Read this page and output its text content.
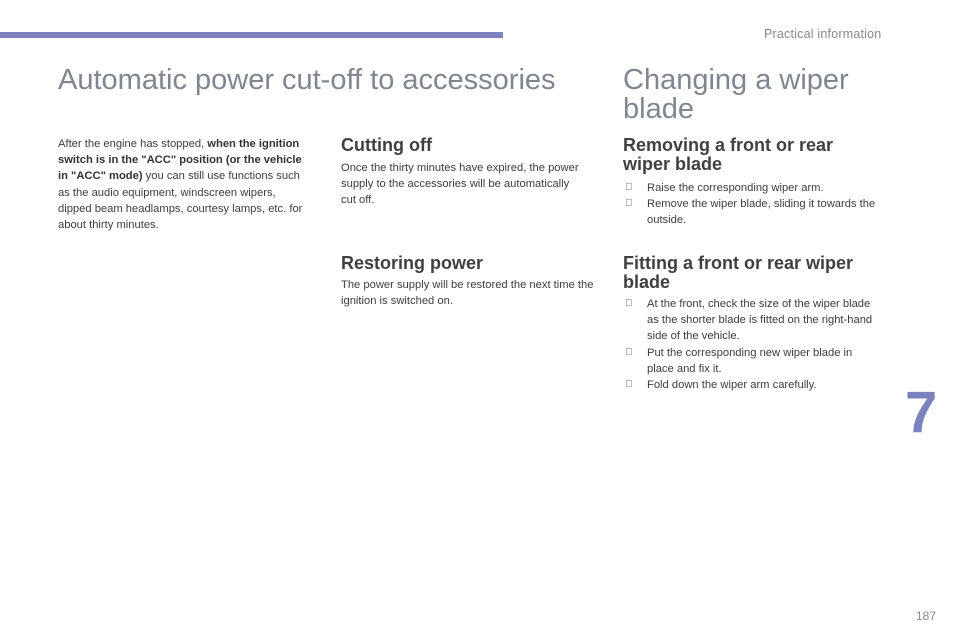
Practical information
Automatic power cut-off to accessories Changing a wiper blade

After the engine has stopped, when the ignition switch is in the "ACC" position (or the vehicle in "ACC" mode) you can still use functions such as the audio equipment, windscreen wipers, dipped beam headlamps, courtesy lamps, etc. for about thirty minutes.

Cutting off

Once the thirty minutes have expired, the power supply to the accessories will be automatically cut off.

Restoring power

The power supply will be restored the next time the ignition is switched on.

Removing a front or rear wiper blade
Raise the corresponding wiper arm.
Remove the wiper blade, sliding it towards the outside.
Fitting a front or rear wiper blade
At the front, check the size of the wiper blade as the shorter blade is fitted on the right-hand side of the vehicle.
Put the corresponding new wiper blade in place and fix it.
Fold down the wiper arm carefully.	7
187
